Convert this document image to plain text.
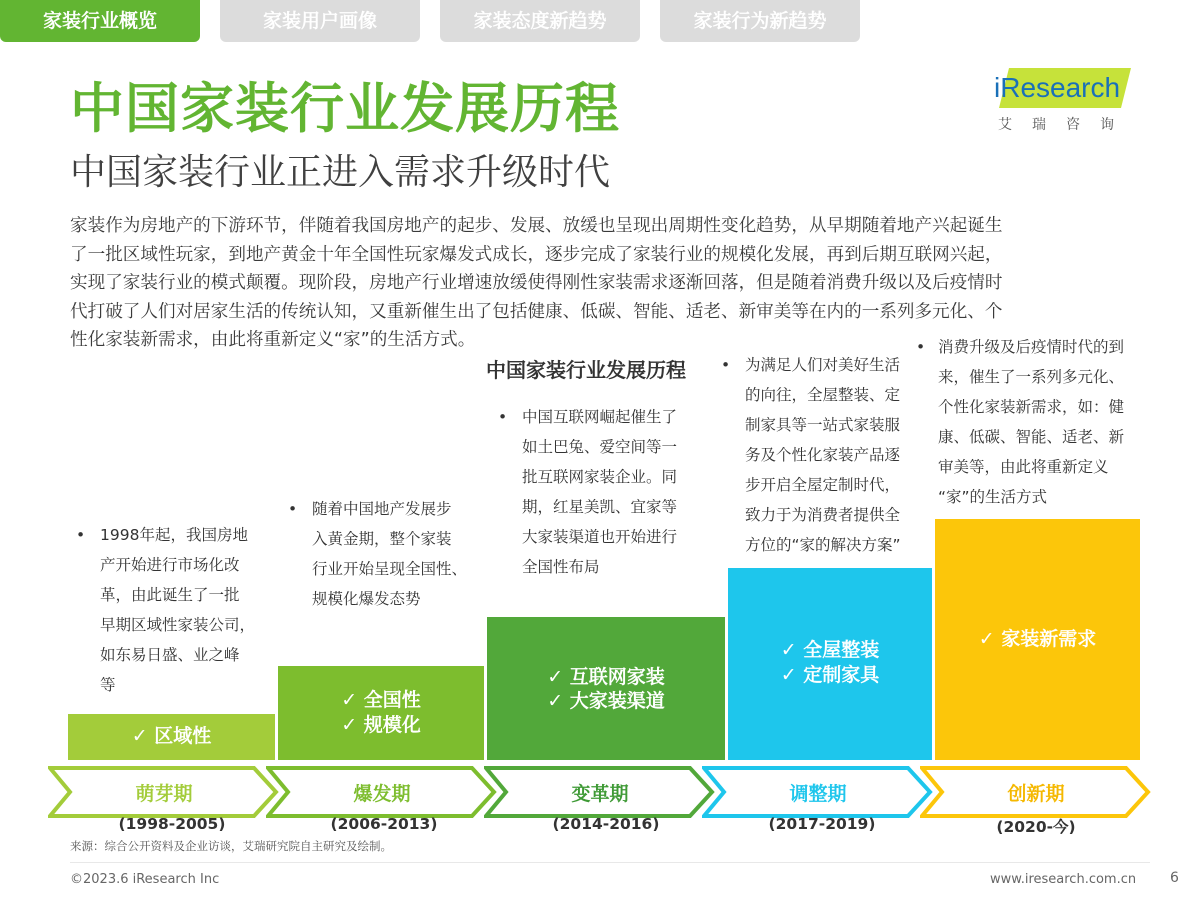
家装行业概览	家装用户画像	家装态度新趋势	家装行为新趋势
中国家装行业发展历程
中国家装行业正进入需求升级时代
iResearch
艾瑞咨询

家装作为房地产的下游环节，伴随着我国房地产的起步、发展、放缓也呈现出周期性变化趋势，从早期随着地产兴起诞生

了一批区域性玩家，到地产黄金十年全国性玩家爆发式成长，逐步完成了家装行业的规模化发展，再到后期互联网兴起，

实现了家装行业的模式颠覆。现阶段，房地产行业增速放缓使得刚性家装需求逐渐回落，但是随着消费升级以及后疫情时

代打破了人们对居家生活的传统认知，又重新催生出了包括健康、低碳、智能、适老、新审美等在内的一系列多元化、个

性化家装新需求，由此将重新定义“家”的生活方式。

中国家装行业发展历程
• 1998年起，我国房地
产开始进行市场化改
革，由此诞生了一批
早期区域性家装公司，
如东易日盛、业之峰
等
• 随着中国地产发展步
入黄金期，整个家装
行业开始呈现全国性、
规模化爆发态势
• 中国互联网崛起催生了
如土巴兔、爱空间等一
批互联网家装企业。同
期，红星美凯、宜家等
大家装渠道也开始进行
全国性布局
• 为满足人们对美好生活
的向往，全屋整装、定
制家具等一站式家装服
务及个性化家装产品逐
步开启全屋定制时代，
致力于为消费者提供全
方位的“家的解决方案”
• 消费升级及后疫情时代的到
来，催生了一系列多元化、
个性化家装新需求，如：健
康、低碳、智能、适老、新
审美等，由此将重新定义
“家”的生活方式
✓ 区域性
✓ 全国性
✓ 规模化
✓ 互联网家装
✓ 大家装渠道
✓ 全屋整装
✓ 定制家具
✓ 家装新需求
萌芽期	爆发期	变革期	调整期	创新期
(1998-2005)	(2006-2013)	(2014-2016)	(2017-2019)	(2020-今)
来源：综合公开资料及企业访谈，艾瑞研究院自主研究及绘制。
©2023.6 iResearch Inc	www.iresearch.com.cn 6
